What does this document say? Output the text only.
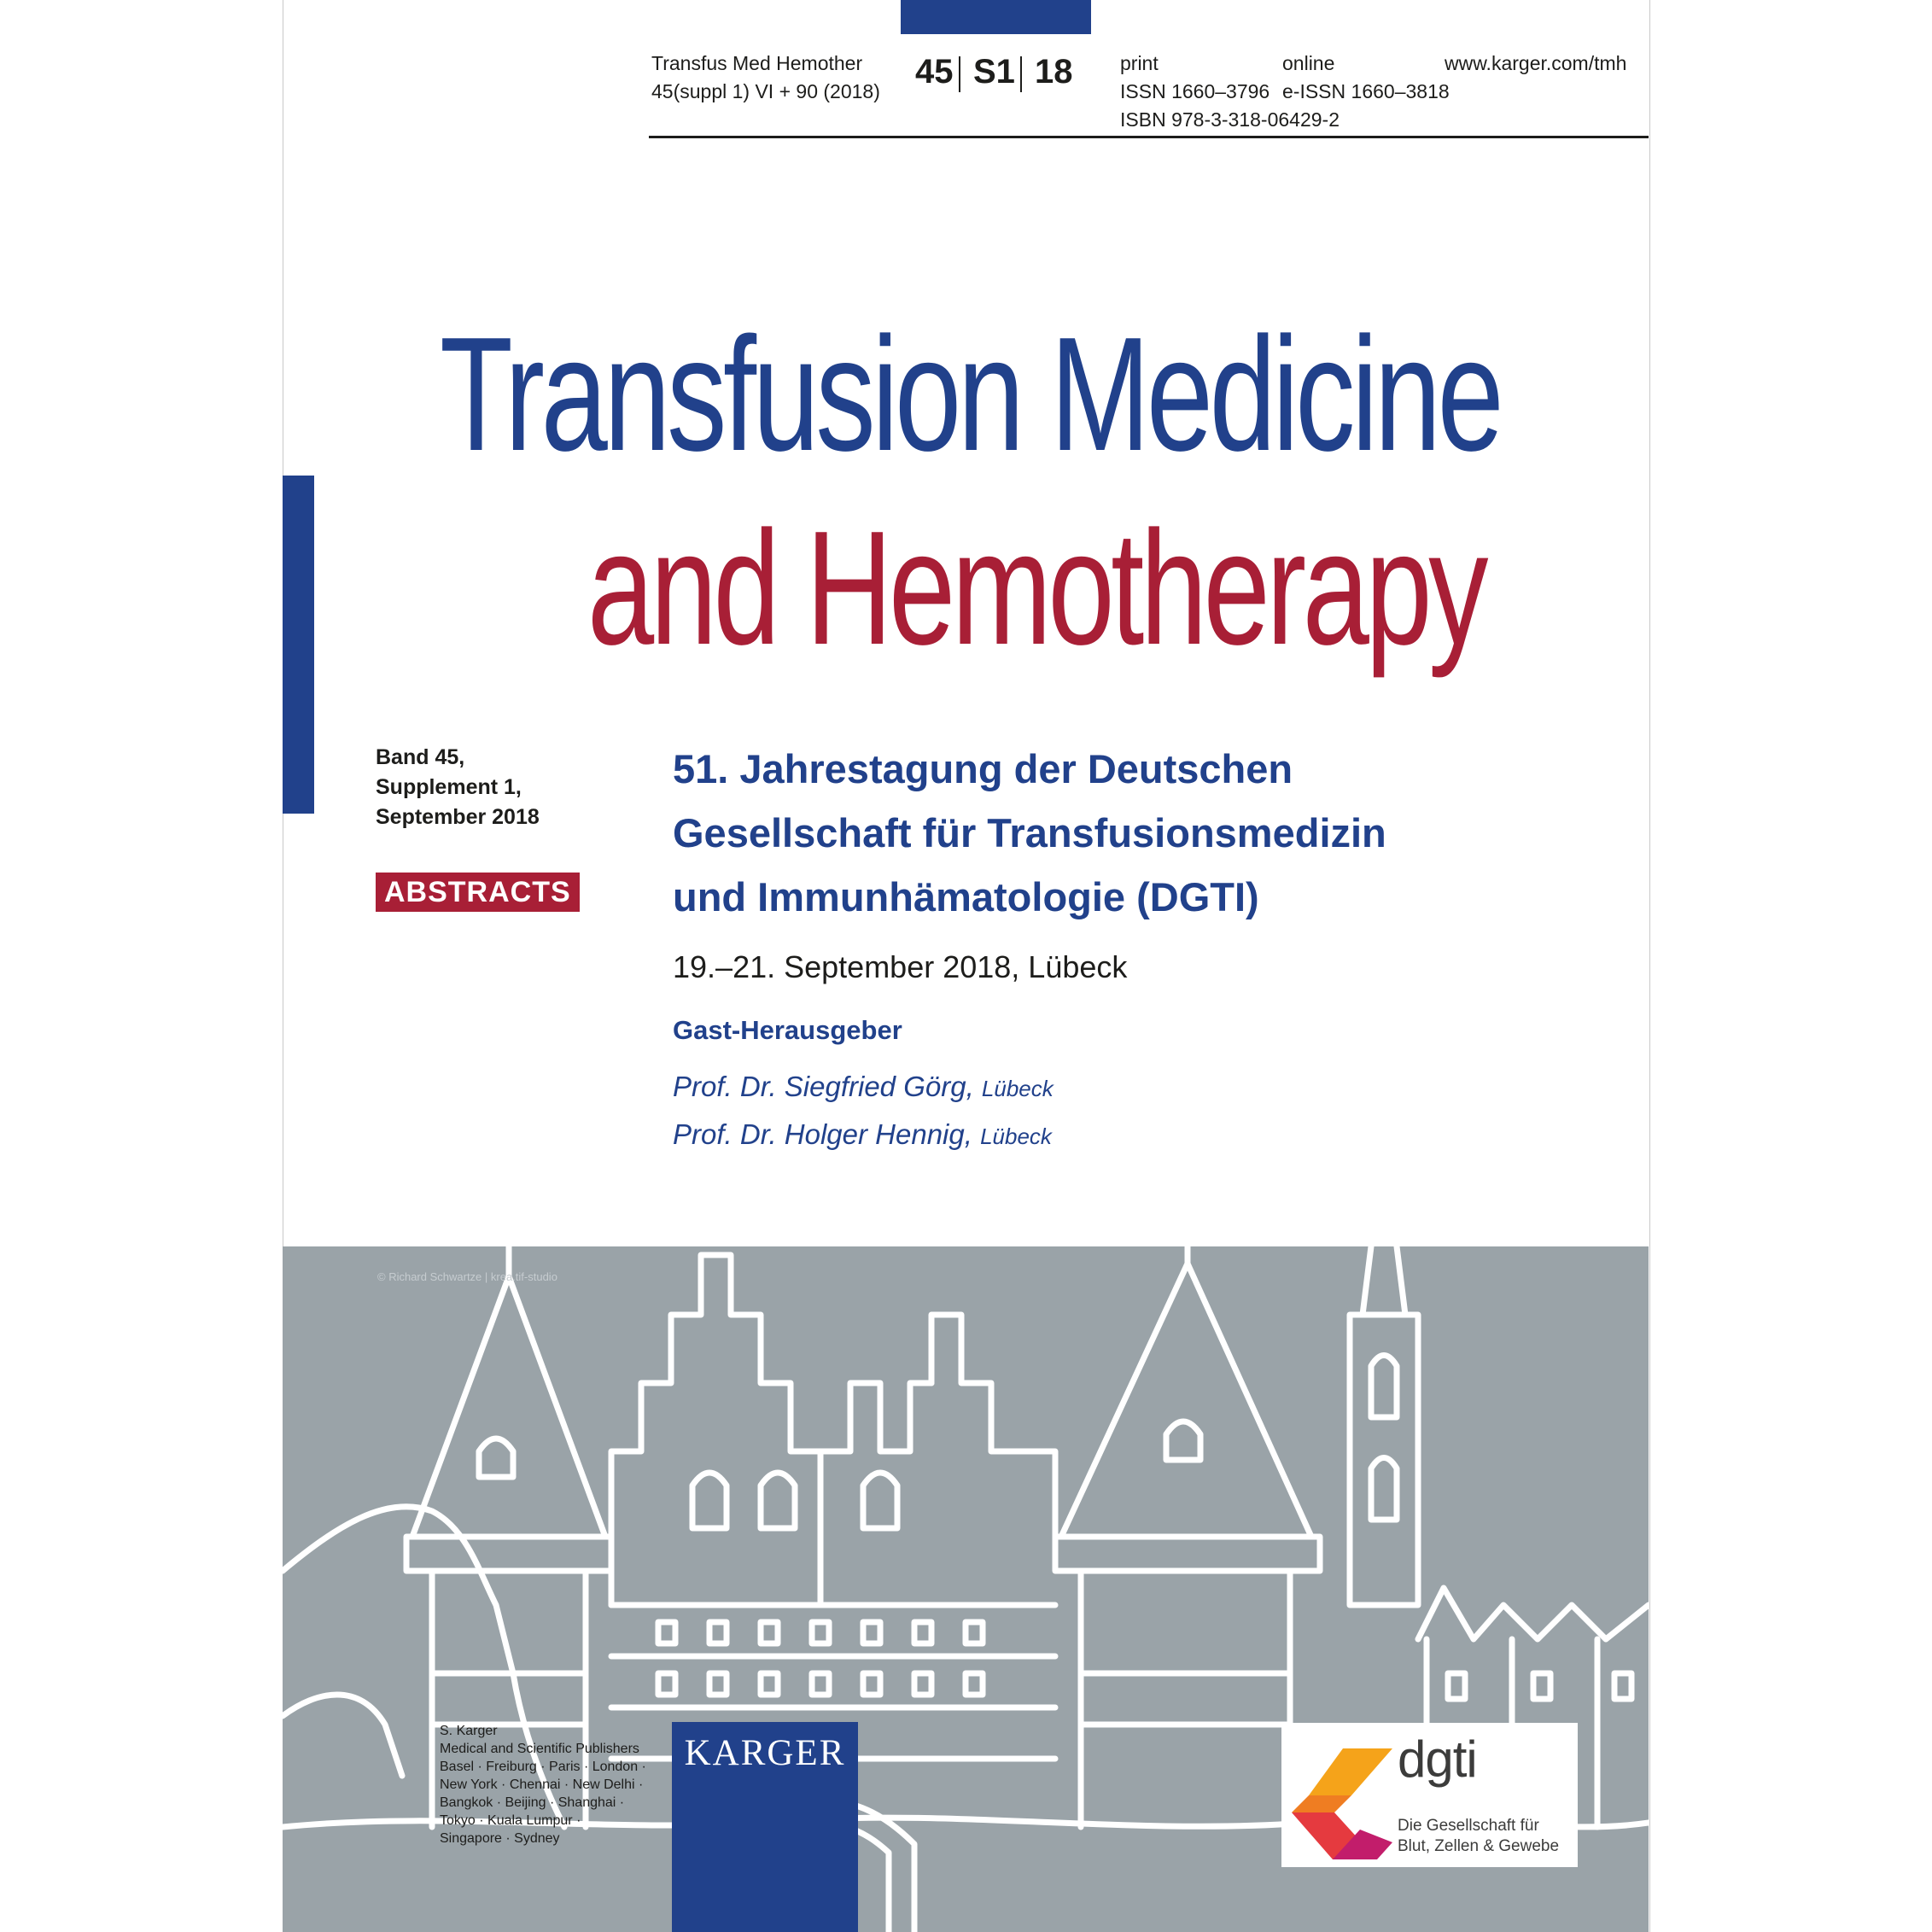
Transfus Med Hemother
45(suppl 1) VI + 90 (2018)
45 S1 18 print
ISSN 1660–3796
ISBN 978-3-318-06429-2
online
e-ISSN 1660–3818
www.karger.com/tmh
Transfusion Medicine
and Hemotherapy
Band 45,
Supplement 1,
September 2018
ABSTRACTS
51. Jahrestagung der Deutschen
Gesellschaft für Transfusionsmedizin
und Immunhämatologie (DGTI)
19.–21. September 2018, Lübeck
Gast-Herausgeber
Prof. Dr. Siegfried Görg, Lübeck
Prof. Dr. Holger Hennig, Lübeck
© Richard Schwartze | krea.tif-studio
S. Karger
Medical and Scientific Publishers
Basel · Freiburg · Paris · London ·
New York · Chennai · New Delhi ·
Bangkok · Beijing · Shanghai ·
Tokyo · Kuala Lumpur ·
Singapore · Sydney
KARGER	dgti
Die Gesellschaft für
Blut, Zellen & Gewebe
